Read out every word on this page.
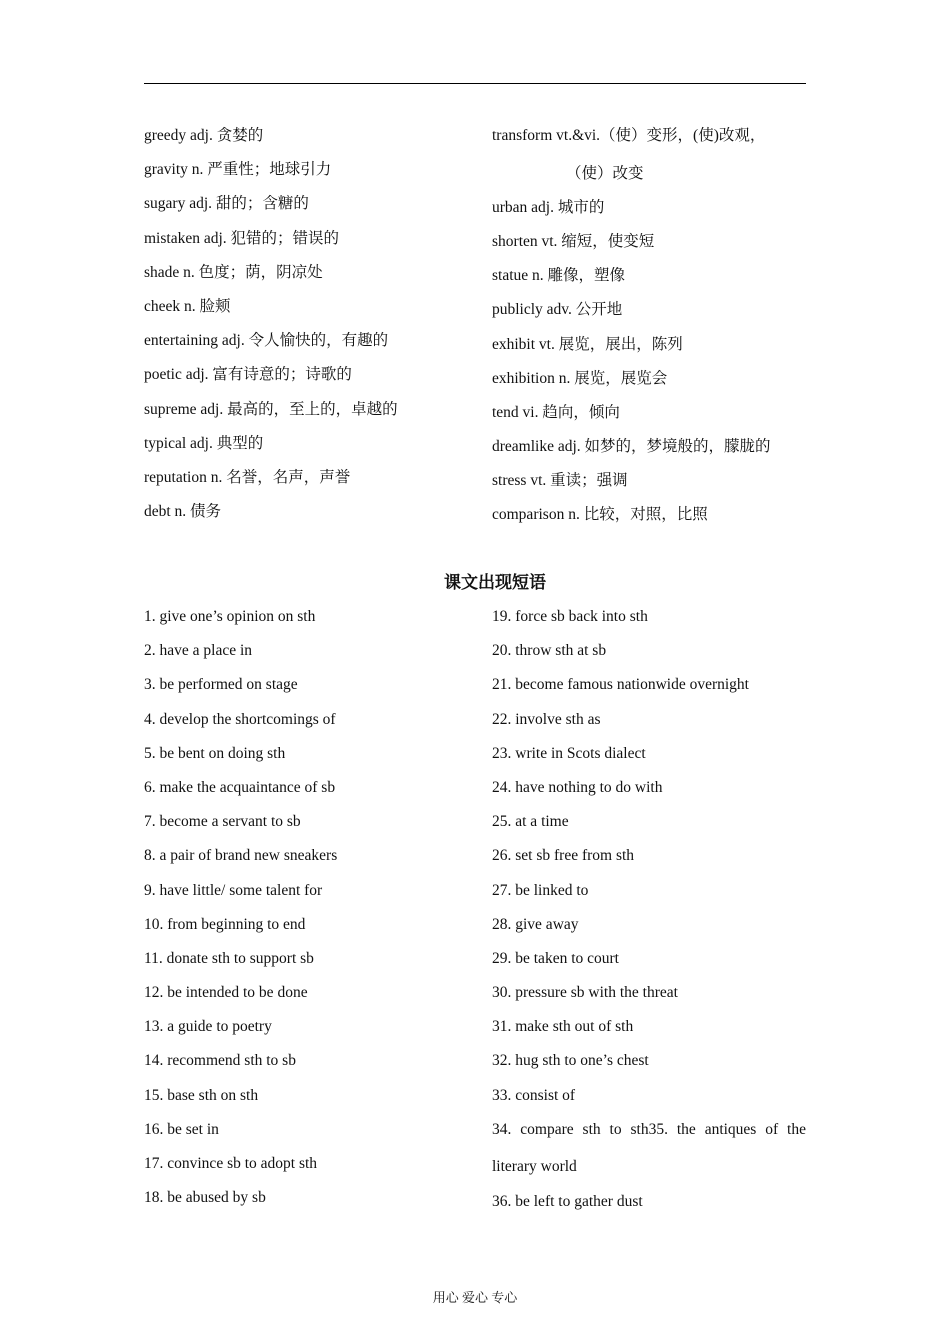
greedy adj. 贪婪的
gravity n. 严重性；地球引力
sugary adj. 甜的；含糖的
mistaken adj. 犯错的；错误的
shade n. 色度；荫，阴凉处
cheek n. 脸颊
entertaining adj. 令人愉快的，有趣的
poetic adj. 富有诗意的；诗歌的
supreme adj. 最高的，至上的，卓越的
typical adj. 典型的
reputation n. 名誉，名声，声誉
debt n. 债务
transform vt.&vi.（使）变形，(使)改观，
（使）改变
urban adj. 城市的
shorten vt. 缩短，使变短
statue n. 雕像，塑像
publicly adv. 公开地
exhibit vt. 展览，展出，陈列
exhibition n. 展览，展览会
tend vi. 趋向，倾向
dreamlike adj. 如梦的，梦境般的，朦胧的
stress vt. 重读；强调
comparison n. 比较，对照，比照
课文出现短语
1. give one’s opinion on sth
2. have a place in
3. be performed on stage
4. develop the shortcomings of
5. be bent on doing sth
6. make the acquaintance of sb
7. become a servant to sb
8. a pair of brand new sneakers
9. have little/ some talent for
10. from beginning to end
11. donate sth to support sb
12. be intended to be done
13. a guide to poetry
14. recommend sth to sb
15. base sth on sth
16. be set in
17. convince sb to adopt sth
18. be abused by sb
19. force sb back into sth
20. throw sth at sb
21. become famous nationwide overnight
22. involve sth as
23. write in Scots dialect
24. have nothing to do with
25. at a time
26. set sb free from sth
27. be linked to
28. give away
29. be taken to court
30. pressure sb with the threat
31. make sth out of sth
32. hug sth to one’s chest
33. consist of
34. compare sth to sth35. the antiques of the
literary world
36. be left to gather dust
用心 爱心 专心
